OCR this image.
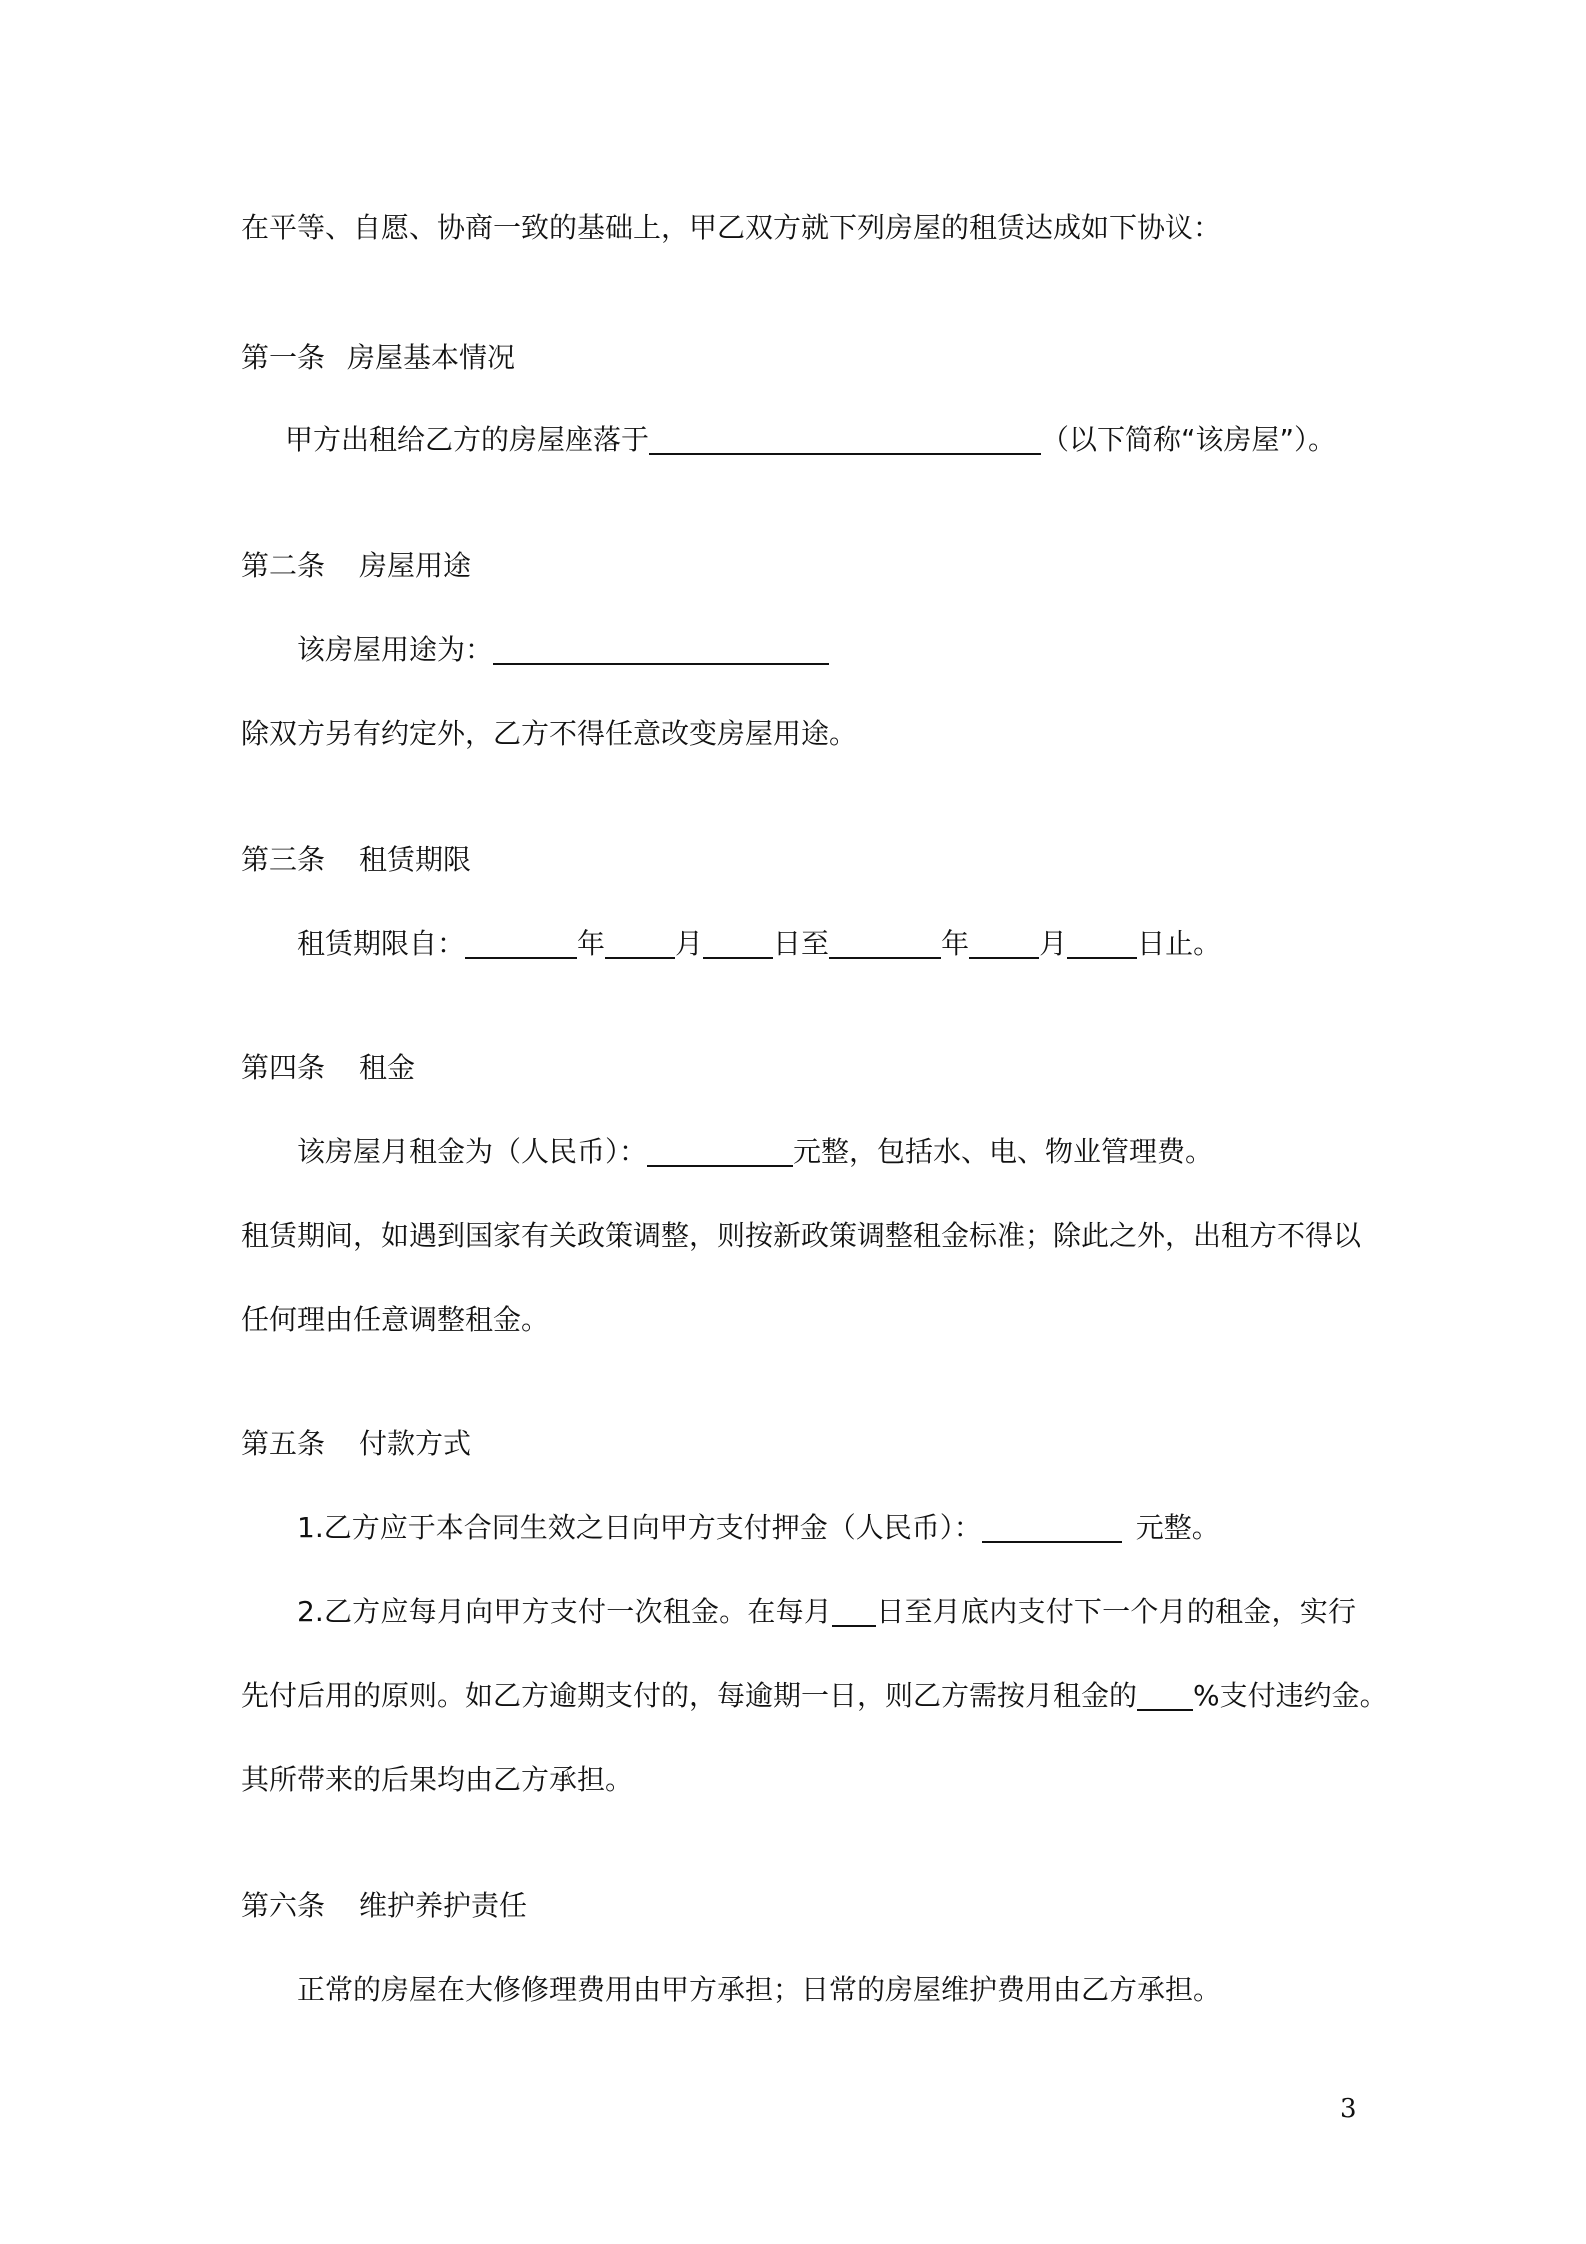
在平等、自愿、协商一致的基础上，甲乙双方就下列房屋的租赁达成如下协议：
第一条 房屋基本情况
甲方出租给乙方的房屋座落于	（以下简称“该房屋”）。
第二条 房屋用途
该房屋用途为：
除双方另有约定外，乙方不得任意改变房屋用途。
第三条 租赁期限
租赁期限自：	年	月	日至	年	月	日止。
第四条 租金
该房屋月租金为（人民币）：	元整，包括水、电、物业管理费。
租赁期间，如遇到国家有关政策调整，则按新政策调整租金标准；除此之外，出租方不得以
任何理由任意调整租金。
第五条 付款方式
1.乙方应于本合同生效之日向甲方支付押金（人民币）：	元整。
2.乙方应每月向甲方支付一次租金。在每月 日至月底内支付下一个月的租金，实行
先付后用的原则。如乙方逾期支付的，每逾期一日，则乙方需按月租金的 %支付违约金。
其所带来的后果均由乙方承担。
第六条 维护养护责任
正常的房屋在大修修理费用由甲方承担；日常的房屋维护费用由乙方承担。
3
